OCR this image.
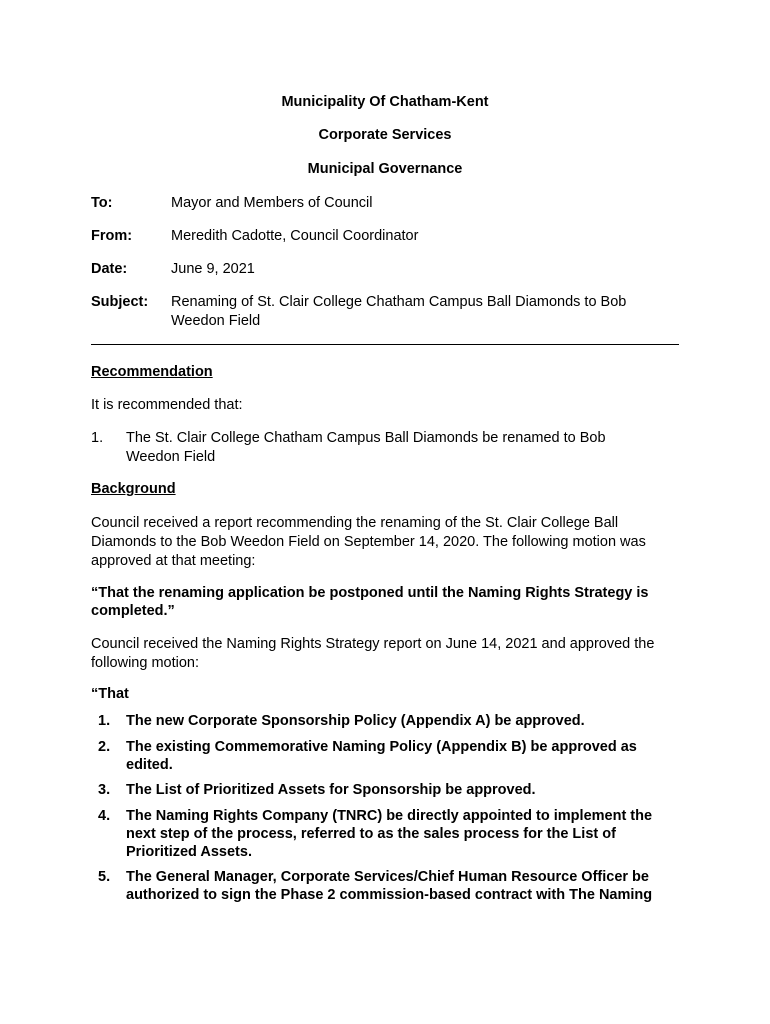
Municipality Of Chatham-Kent
Corporate Services
Municipal Governance
To:	Mayor and Members of Council
From:	Meredith Cadotte, Council Coordinator
Date:	June 9, 2021
Subject: Renaming of St. Clair College Chatham Campus Ball Diamonds to Bob
Weedon Field
Recommendation
It is recommended that:
1. The St. Clair College Chatham Campus Ball Diamonds be renamed to Bob
Weedon Field
Background
Council received a report recommending the renaming of the St. Clair College Ball
Diamonds to the Bob Weedon Field on September 14, 2020. The following motion was
approved at that meeting:
“That the renaming application be postponed until the Naming Rights Strategy is
completed.”
Council received the Naming Rights Strategy report on June 14, 2021 and approved the
following motion:
“That
1. The new Corporate Sponsorship Policy (Appendix A) be approved.
2. The existing Commemorative Naming Policy (Appendix B) be approved as
edited.
3. The List of Prioritized Assets for Sponsorship be approved.
4. The Naming Rights Company (TNRC) be directly appointed to implement the
next step of the process, referred to as the sales process for the List of
Prioritized Assets.
5. The General Manager, Corporate Services/Chief Human Resource Officer be
authorized to sign the Phase 2 commission-based contract with The Naming
